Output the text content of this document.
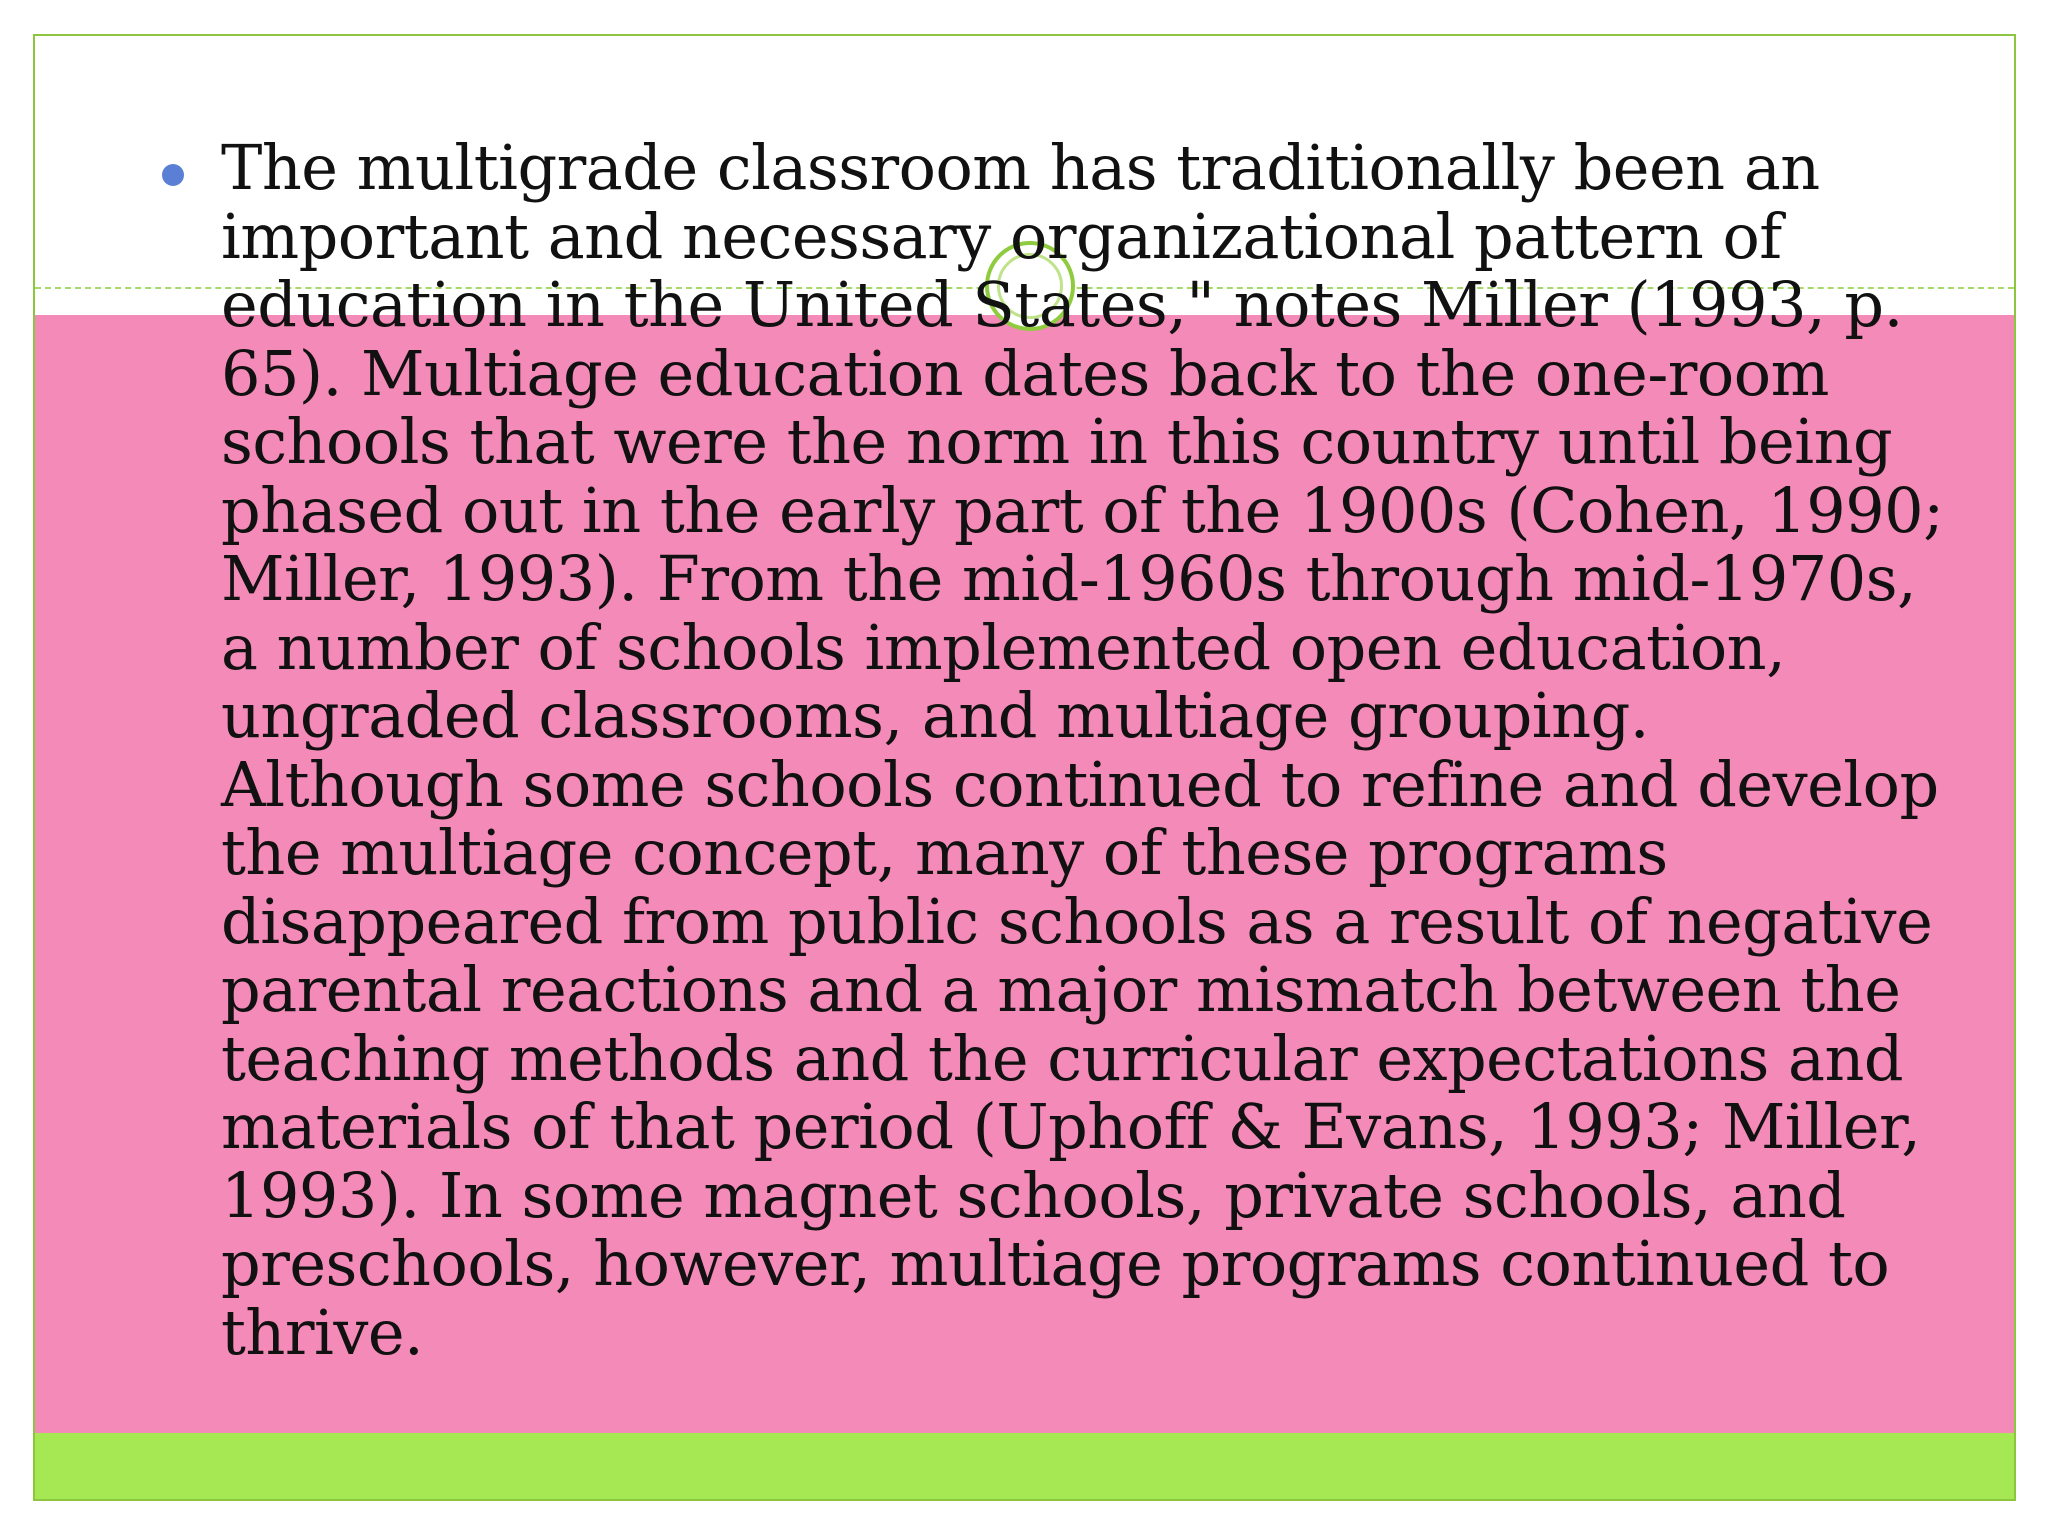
The multigrade classroom has traditionally been an
important and necessary organizational pattern of
education in the United States," notes Miller (1993, p.
65). Multiage education dates back to the one-room
schools that were the norm in this country until being
phased out in the early part of the 1900s (Cohen, 1990;
Miller, 1993). From the mid-1960s through mid-1970s,
a number of schools implemented open education,
ungraded classrooms, and multiage grouping.
Although some schools continued to refine and develop
the multiage concept, many of these programs
disappeared from public schools as a result of negative
parental reactions and a major mismatch between the
teaching methods and the curricular expectations and
materials of that period (Uphoff & Evans, 1993; Miller,
1993). In some magnet schools, private schools, and
preschools, however, multiage programs continued to
thrive.
